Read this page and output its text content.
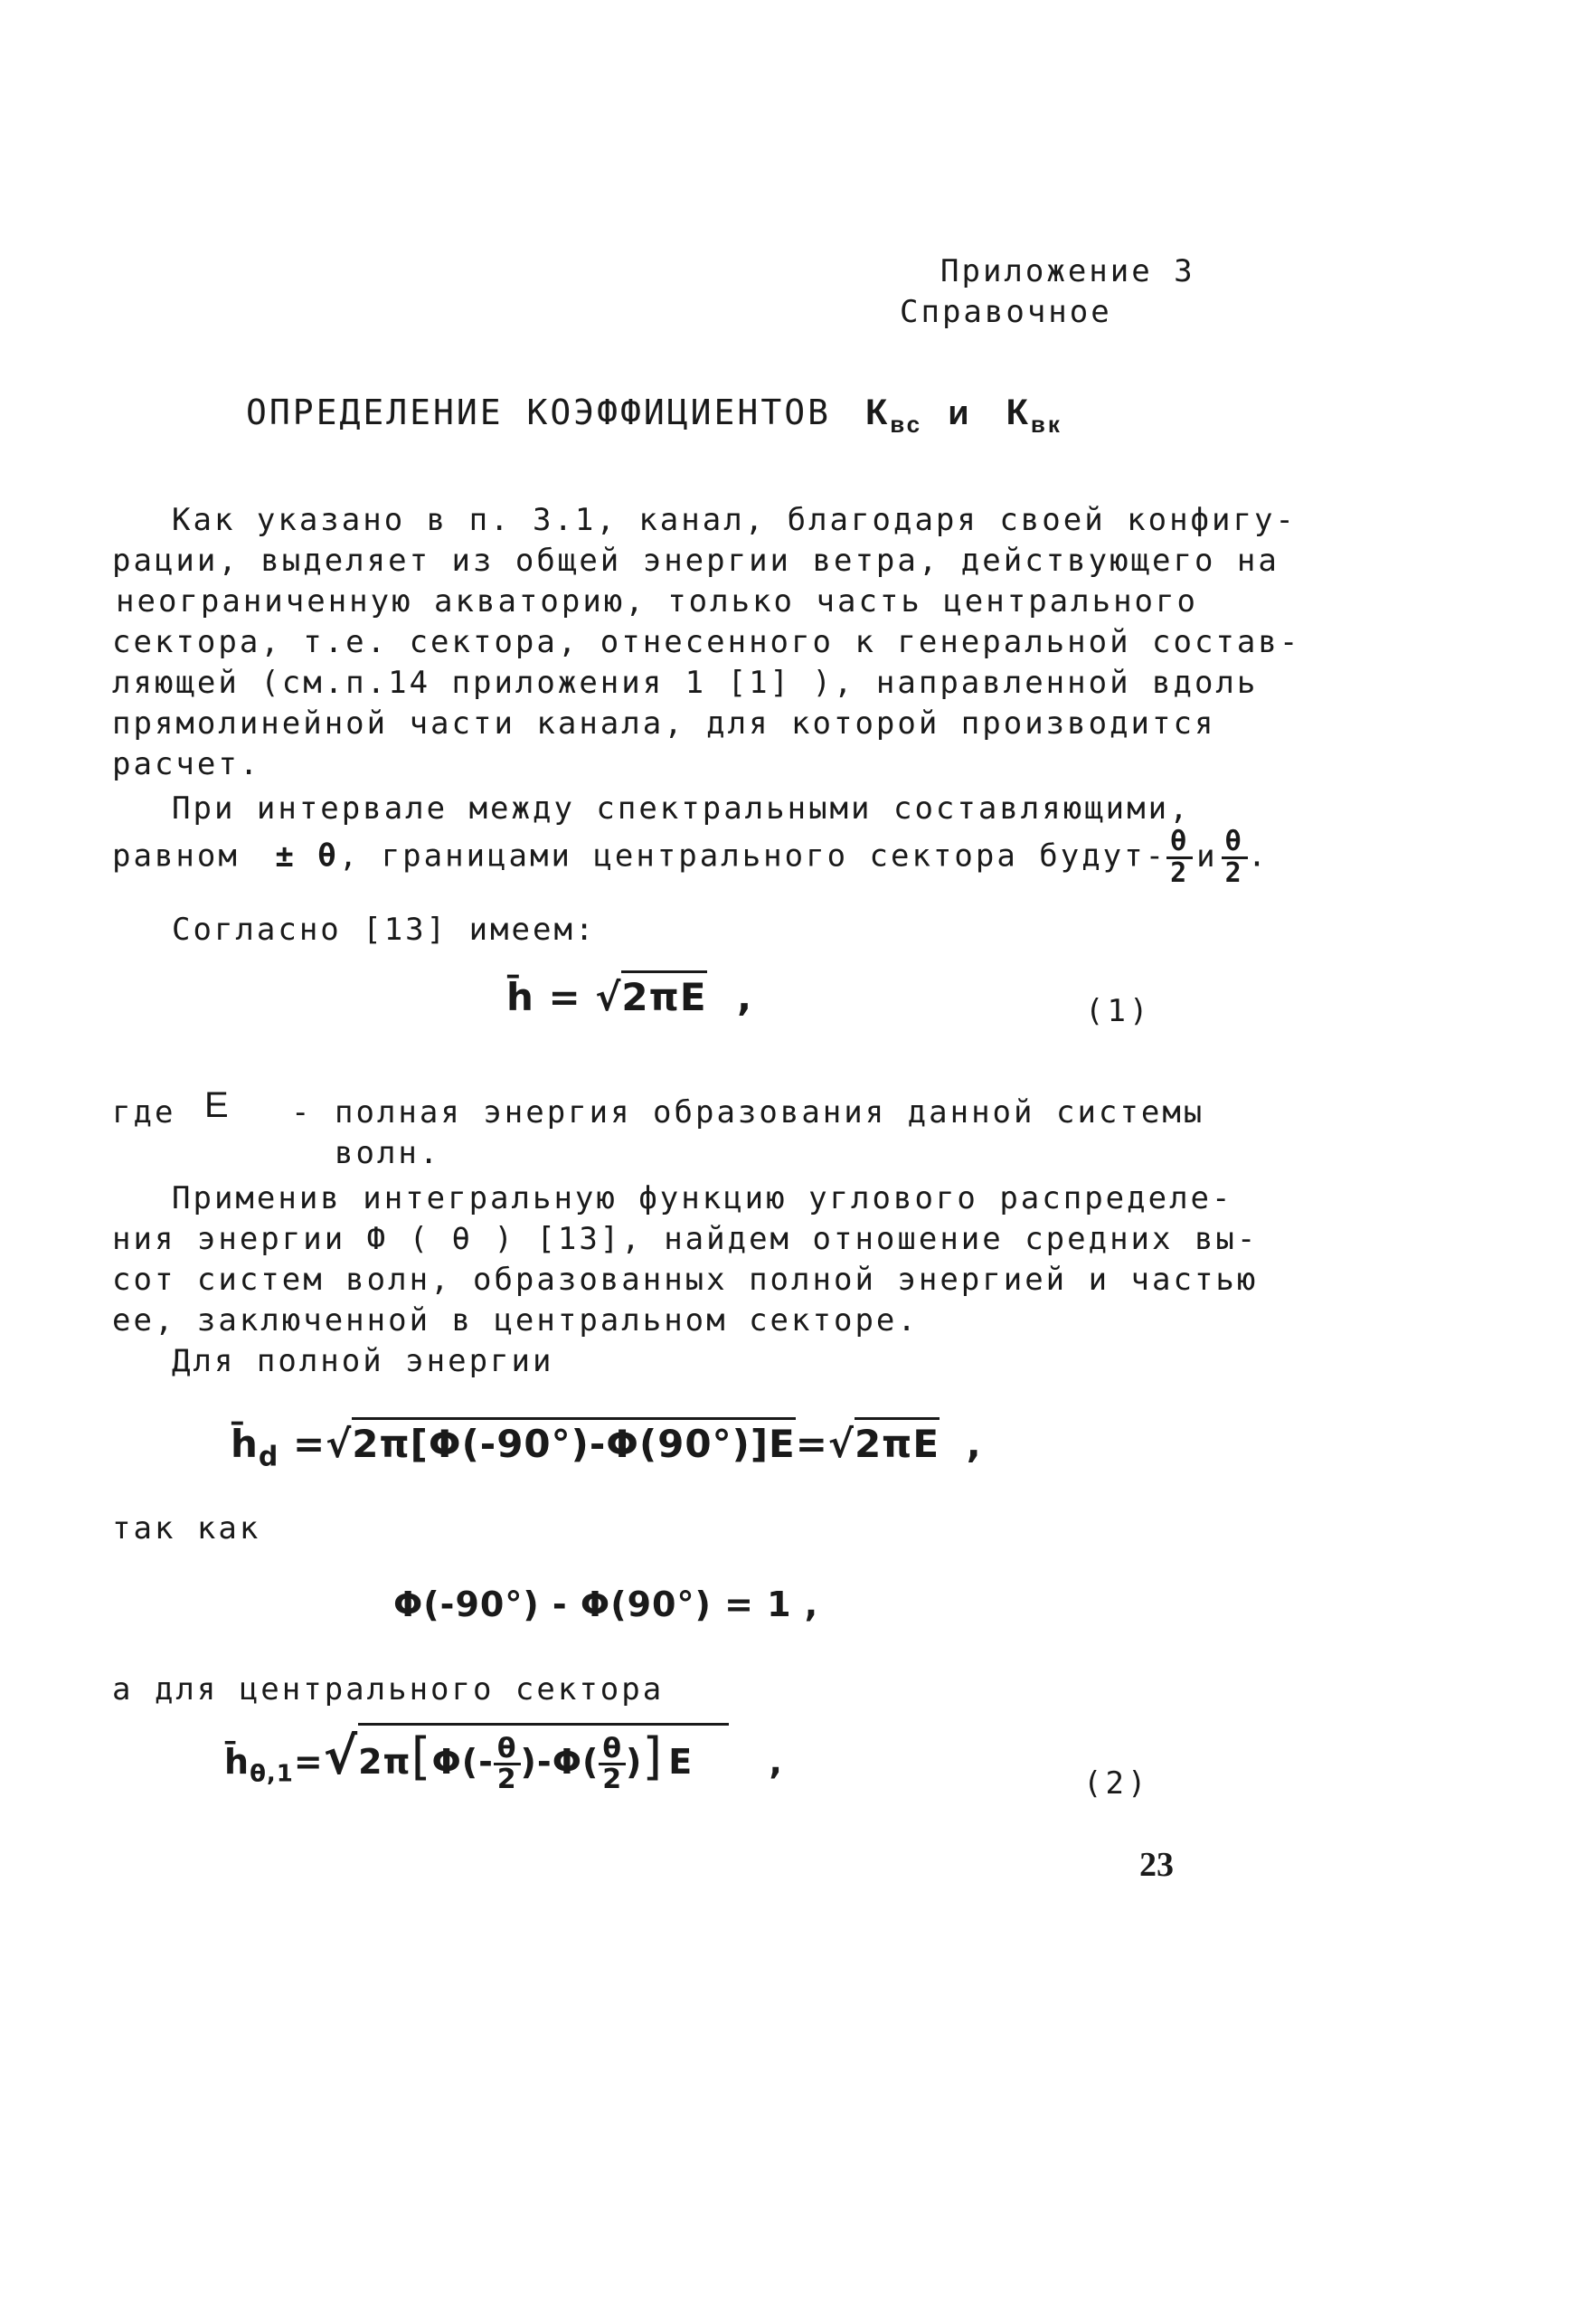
Приложение 3
Справочное
ОПРЕДЕЛЕНИЕ КОЭФФИЦИЕНТОВ $К_{вс}$ и $К_{вк}$
Как указано в п. 3.1, канал, благодаря своей конфигу-
рации, выделяет из общей энергии ветра, действующего на
неограниченную акваторию, только часть центрального
сектора, т.е. сектора, отнесенного к генеральной состав-
ляющей (см.п.14 приложения 1 [1] ), направленной вдоль
прямолинейной части канала, для которой производится
расчет.
При интервале между спектральными составляющими,
равном ± θ, границами центрального сектора будут- $\frac{\theta}{2}$ и $\frac{\theta}{2}$ .
Согласно [13] имеем:
h̄ = √2πE ,	(1)
где E - полная энергия образования данной системы
волн.
Применив интегральную функцию углового распределе-
ния энергии Ф ( θ ) [13], найдем отношение средних вы-
сот систем волн, образованных полной энергией и частью
ее, заключенной в центральном секторе.
Для полной энергии
$h̄_d =√2\pi[\Phi(-90^\circ)-\Phi(90^\circ)]E=√2\pi E$ ,
так как
Φ(-90°) - Φ(90°) = 1 ,
а для центрального сектора
$h̄_{\theta,1}=√2\pi[\Phi(- \frac{\theta}{2} )-\Phi( \frac{\theta}{2}$ )] E ,
(2)
23
